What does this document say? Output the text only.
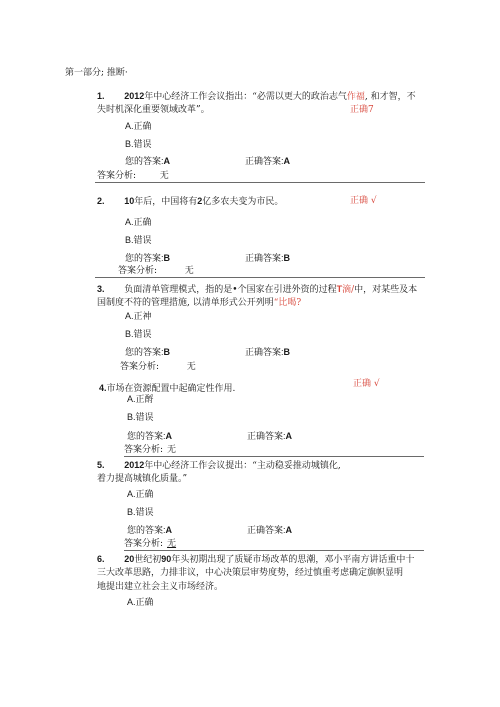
第一部分; 推断·
1. 2012年中心经济工作会议指出：“必需以更大的政治志气作福, 和才智，不
失时机深化重要领域改革”。	正确7
A.正确
B.错误
您的答案:A	正确答案:A
答案分析:	无
2. 10年后，中国将有2亿多农夫变为市民。	正确 √
A.正确
B.错误
您的答案:B	正确答案:B
答案分析:	无
3. 负面清单管理模式，指的是•个国家在引进外资的过程T滴/中，对某些及本
国制度不符的管理措施, 以清单形式公开列明“比喝?
A.正神
B.错误
您的答案:B	正确答案:B
答案分析:	无
4.市场在资源配置中起确定性作用.	正确 √
A.正酹
B.错误
您的答案:A	正确答案:A
答案分析: 无
5. 2012年中心经济工作会议提出：“主动稳妥推动城镇化,
着力提高城镇化质量。”
A.正确
B.错误
您的答案:A	正确答案:A
答案分析: 无
6. 20世纪初90年头初期出现了质疑市场改革的思潮，邓小平南方讲话重中十
三大改革思路，力排非议，中心决策层审势度势，经过慎重考虑确定旗帜显明
地提出建立社会主义市场经济。
A.正确
